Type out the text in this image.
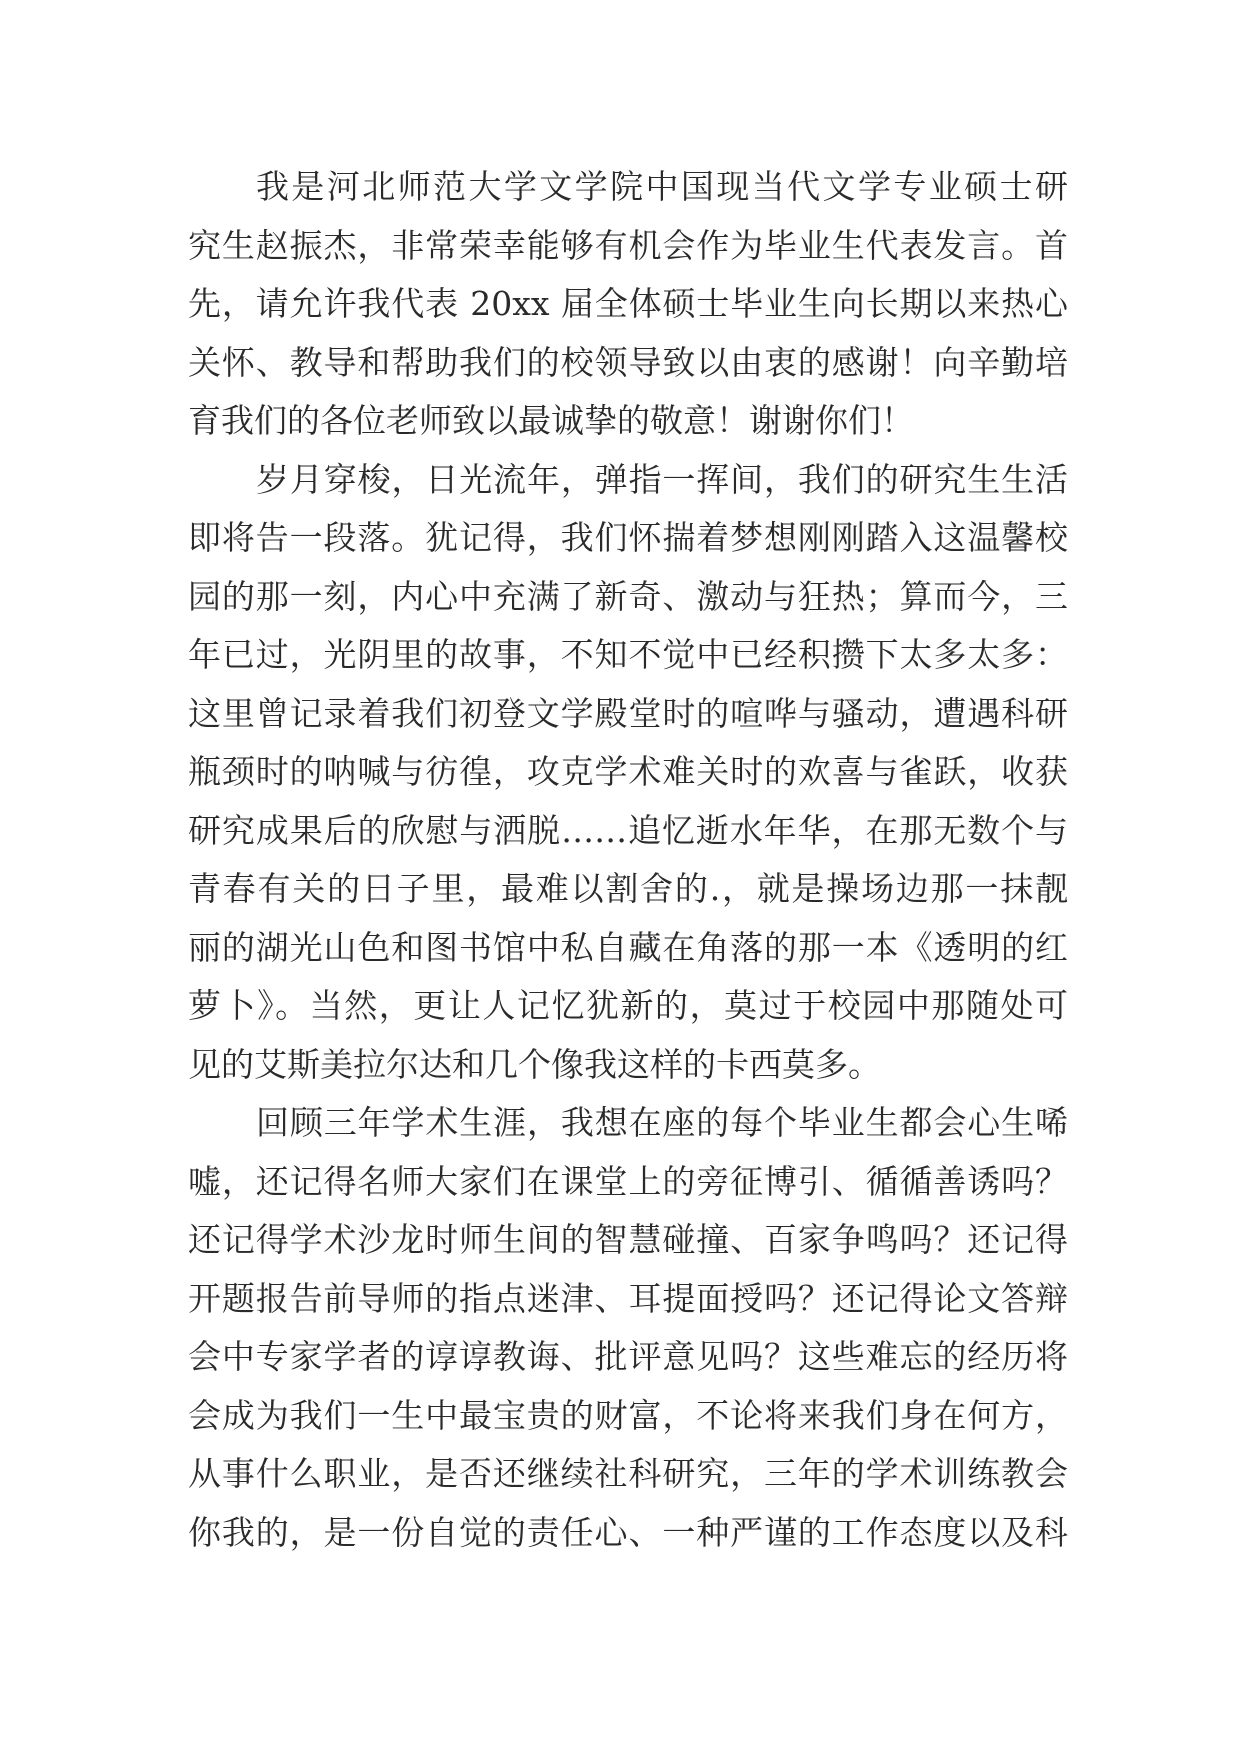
我是河北师范大学文学院中国现当代文学专业硕士研
究生赵振杰，非常荣幸能够有机会作为毕业生代表发言。首
先，请允许我代表 20xx 届全体硕士毕业生向长期以来热心
关怀、教导和帮助我们的校领导致以由衷的感谢！向辛勤培
育我们的各位老师致以最诚挚的敬意！谢谢你们！
岁月穿梭，日光流年，弹指一挥间，我们的研究生生活
即将告一段落。犹记得，我们怀揣着梦想刚刚踏入这温馨校
园的那一刻，内心中充满了新奇、激动与狂热；算而今，三
年已过，光阴里的故事，不知不觉中已经积攒下太多太多：
这里曾记录着我们初登文学殿堂时的喧哗与骚动，遭遇科研
瓶颈时的呐喊与彷徨，攻克学术难关时的欢喜与雀跃，收获
研究成果后的欣慰与洒脱……追忆逝水年华，在那无数个与
青春有关的日子里，最难以割舍的.，就是操场边那一抹靓
丽的湖光山色和图书馆中私自藏在角落的那一本《透明的红
萝卜》。当然，更让人记忆犹新的，莫过于校园中那随处可
见的艾斯美拉尔达和几个像我这样的卡西莫多。
回顾三年学术生涯，我想在座的每个毕业生都会心生唏
嘘，还记得名师大家们在课堂上的旁征博引、循循善诱吗？
还记得学术沙龙时师生间的智慧碰撞、百家争鸣吗？还记得
开题报告前导师的指点迷津、耳提面授吗？还记得论文答辩
会中专家学者的谆谆教诲、批评意见吗？这些难忘的经历将
会成为我们一生中最宝贵的财富，不论将来我们身在何方，
从事什么职业，是否还继续社科研究，三年的学术训练教会
你我的，是一份自觉的责任心、一种严谨的工作态度以及科
